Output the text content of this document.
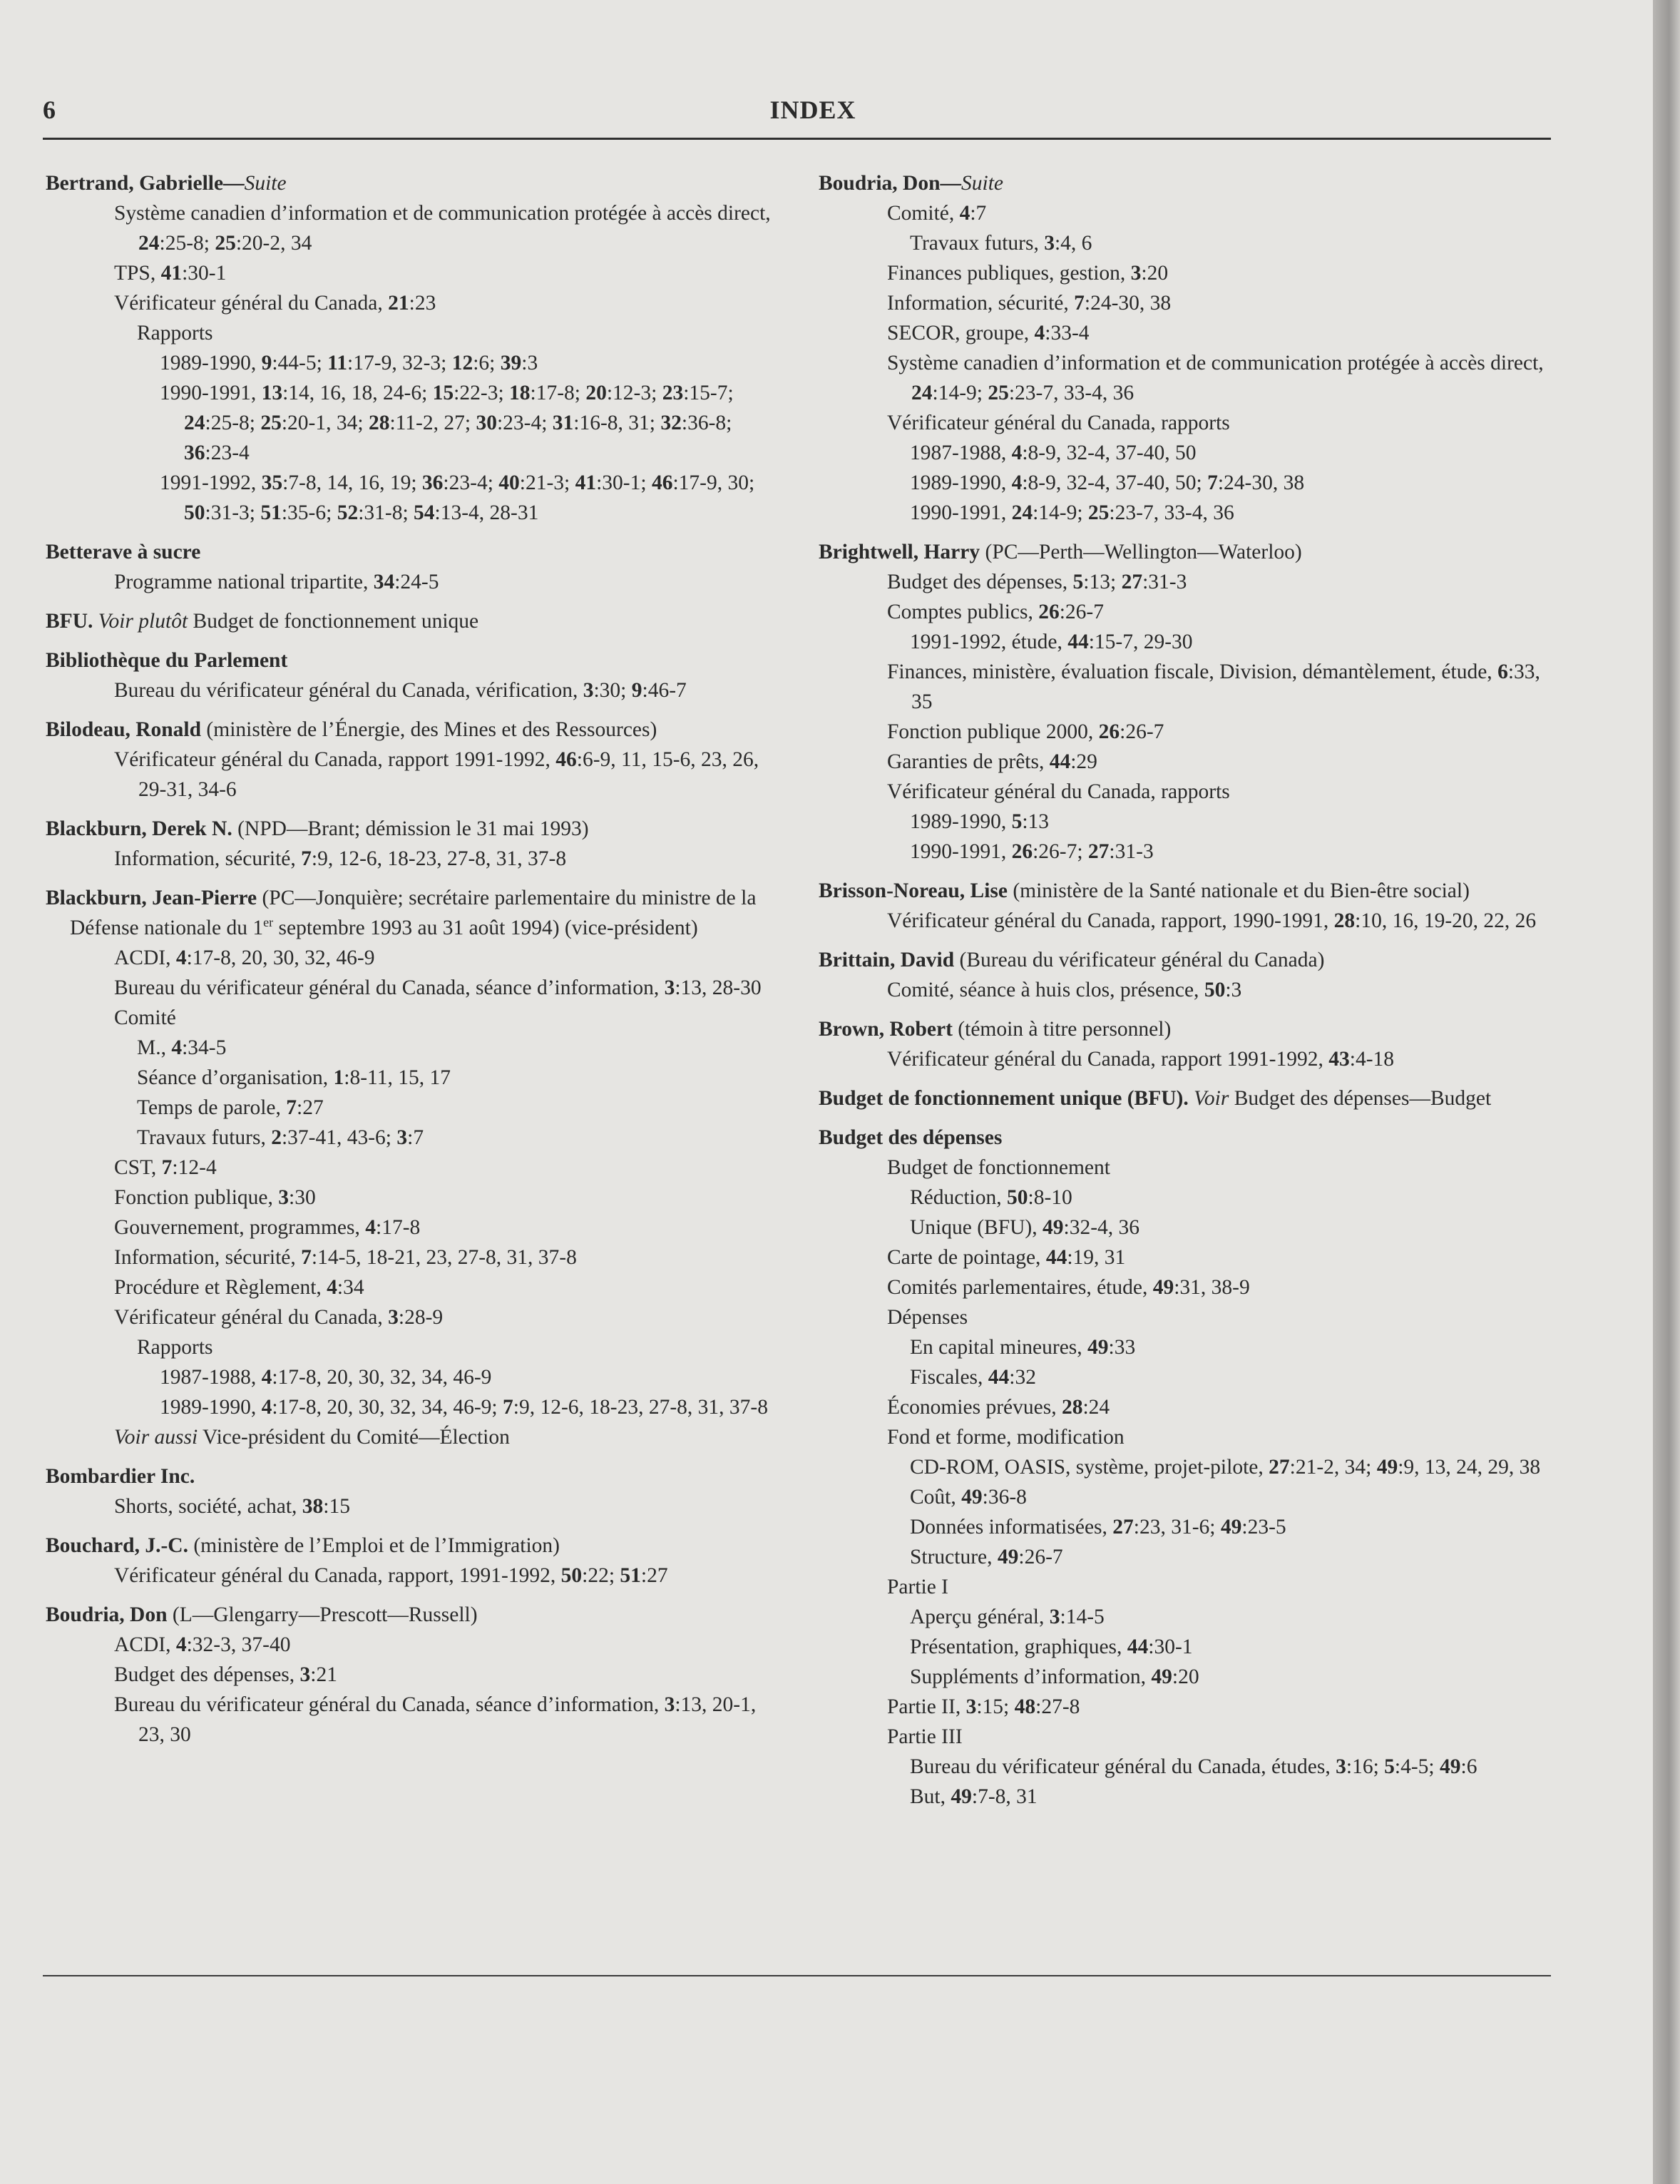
6	INDEX
Bertrand, Gabrielle—Suite
Système canadien d’information et de communication protégée à accès direct, 24:25-8; 25:20-2, 34
TPS, 41:30-1
Vérificateur général du Canada, 21:23
Rapports
1989-1990, 9:44-5; 11:17-9, 32-3; 12:6; 39:3
1990-1991, 13:14, 16, 18, 24-6; 15:22-3; 18:17-8; 20:12-3; 23:15-7; 24:25-8; 25:20-1, 34; 28:11-2, 27; 30:23-4; 31:16-8, 31; 32:36-8; 36:23-4
1991-1992, 35:7-8, 14, 16, 19; 36:23-4; 40:21-3; 41:30-1; 46:17-9, 30; 50:31-3; 51:35-6; 52:31-8; 54:13-4, 28-31
Betterave à sucre
Programme national tripartite, 34:24-5
BFU. Voir plutôt Budget de fonctionnement unique
Bibliothèque du Parlement
Bureau du vérificateur général du Canada, vérification, 3:30; 9:46-7
Bilodeau, Ronald (ministère de l’Énergie, des Mines et des Ressources)
Vérificateur général du Canada, rapport 1991-1992, 46:6-9, 11, 15-6, 23, 26, 29-31, 34-6
Blackburn, Derek N. (NPD—Brant; démission le 31 mai 1993)
Information, sécurité, 7:9, 12-6, 18-23, 27-8, 31, 37-8
Blackburn, Jean-Pierre (PC—Jonquière; secrétaire parlementaire du ministre de la Défense nationale du 1er septembre 1993 au 31 août 1994) (vice-président)
ACDI, 4:17-8, 20, 30, 32, 46-9
Bureau du vérificateur général du Canada, séance d’information, 3:13, 28-30
Comité
M., 4:34-5
Séance d’organisation, 1:8-11, 15, 17
Temps de parole, 7:27
Travaux futurs, 2:37-41, 43-6; 3:7
CST, 7:12-4
Fonction publique, 3:30
Gouvernement, programmes, 4:17-8
Information, sécurité, 7:14-5, 18-21, 23, 27-8, 31, 37-8
Procédure et Règlement, 4:34
Vérificateur général du Canada, 3:28-9
Rapports
1987-1988, 4:17-8, 20, 30, 32, 34, 46-9
1989-1990, 4:17-8, 20, 30, 32, 34, 46-9; 7:9, 12-6, 18-23, 27-8, 31, 37-8
Voir aussi Vice-président du Comité—Élection
Bombardier Inc.
Shorts, société, achat, 38:15
Bouchard, J.-C. (ministère de l’Emploi et de l’Immigration)
Vérificateur général du Canada, rapport, 1991-1992, 50:22; 51:27
Boudria, Don (L—Glengarry—Prescott—Russell)
ACDI, 4:32-3, 37-40
Budget des dépenses, 3:21
Bureau du vérificateur général du Canada, séance d’information, 3:13, 20-1, 23, 30
Boudria, Don—Suite
Comité, 4:7
Travaux futurs, 3:4, 6
Finances publiques, gestion, 3:20
Information, sécurité, 7:24-30, 38
SECOR, groupe, 4:33-4
Système canadien d’information et de communication protégée à accès direct, 24:14-9; 25:23-7, 33-4, 36
Vérificateur général du Canada, rapports
1987-1988, 4:8-9, 32-4, 37-40, 50
1989-1990, 4:8-9, 32-4, 37-40, 50; 7:24-30, 38
1990-1991, 24:14-9; 25:23-7, 33-4, 36
Brightwell, Harry (PC—Perth—Wellington—Waterloo)
Budget des dépenses, 5:13; 27:31-3
Comptes publics, 26:26-7
1991-1992, étude, 44:15-7, 29-30
Finances, ministère, évaluation fiscale, Division, démantèlement, étude, 6:33, 35
Fonction publique 2000, 26:26-7
Garanties de prêts, 44:29
Vérificateur général du Canada, rapports
1989-1990, 5:13
1990-1991, 26:26-7; 27:31-3
Brisson-Noreau, Lise (ministère de la Santé nationale et du Bien-être social)
Vérificateur général du Canada, rapport, 1990-1991, 28:10, 16, 19-20, 22, 26
Brittain, David (Bureau du vérificateur général du Canada)
Comité, séance à huis clos, présence, 50:3
Brown, Robert (témoin à titre personnel)
Vérificateur général du Canada, rapport 1991-1992, 43:4-18
Budget de fonctionnement unique (BFU). Voir Budget des dépenses—Budget
Budget des dépenses
Budget de fonctionnement
Réduction, 50:8-10
Unique (BFU), 49:32-4, 36
Carte de pointage, 44:19, 31
Comités parlementaires, étude, 49:31, 38-9
Dépenses
En capital mineures, 49:33
Fiscales, 44:32
Économies prévues, 28:24
Fond et forme, modification
CD-ROM, OASIS, système, projet-pilote, 27:21-2, 34; 49:9, 13, 24, 29, 38
Coût, 49:36-8
Données informatisées, 27:23, 31-6; 49:23-5
Structure, 49:26-7
Partie I
Aperçu général, 3:14-5
Présentation, graphiques, 44:30-1
Suppléments d’information, 49:20
Partie II, 3:15; 48:27-8
Partie III
Bureau du vérificateur général du Canada, études, 3:16; 5:4-5; 49:6
But, 49:7-8, 31
